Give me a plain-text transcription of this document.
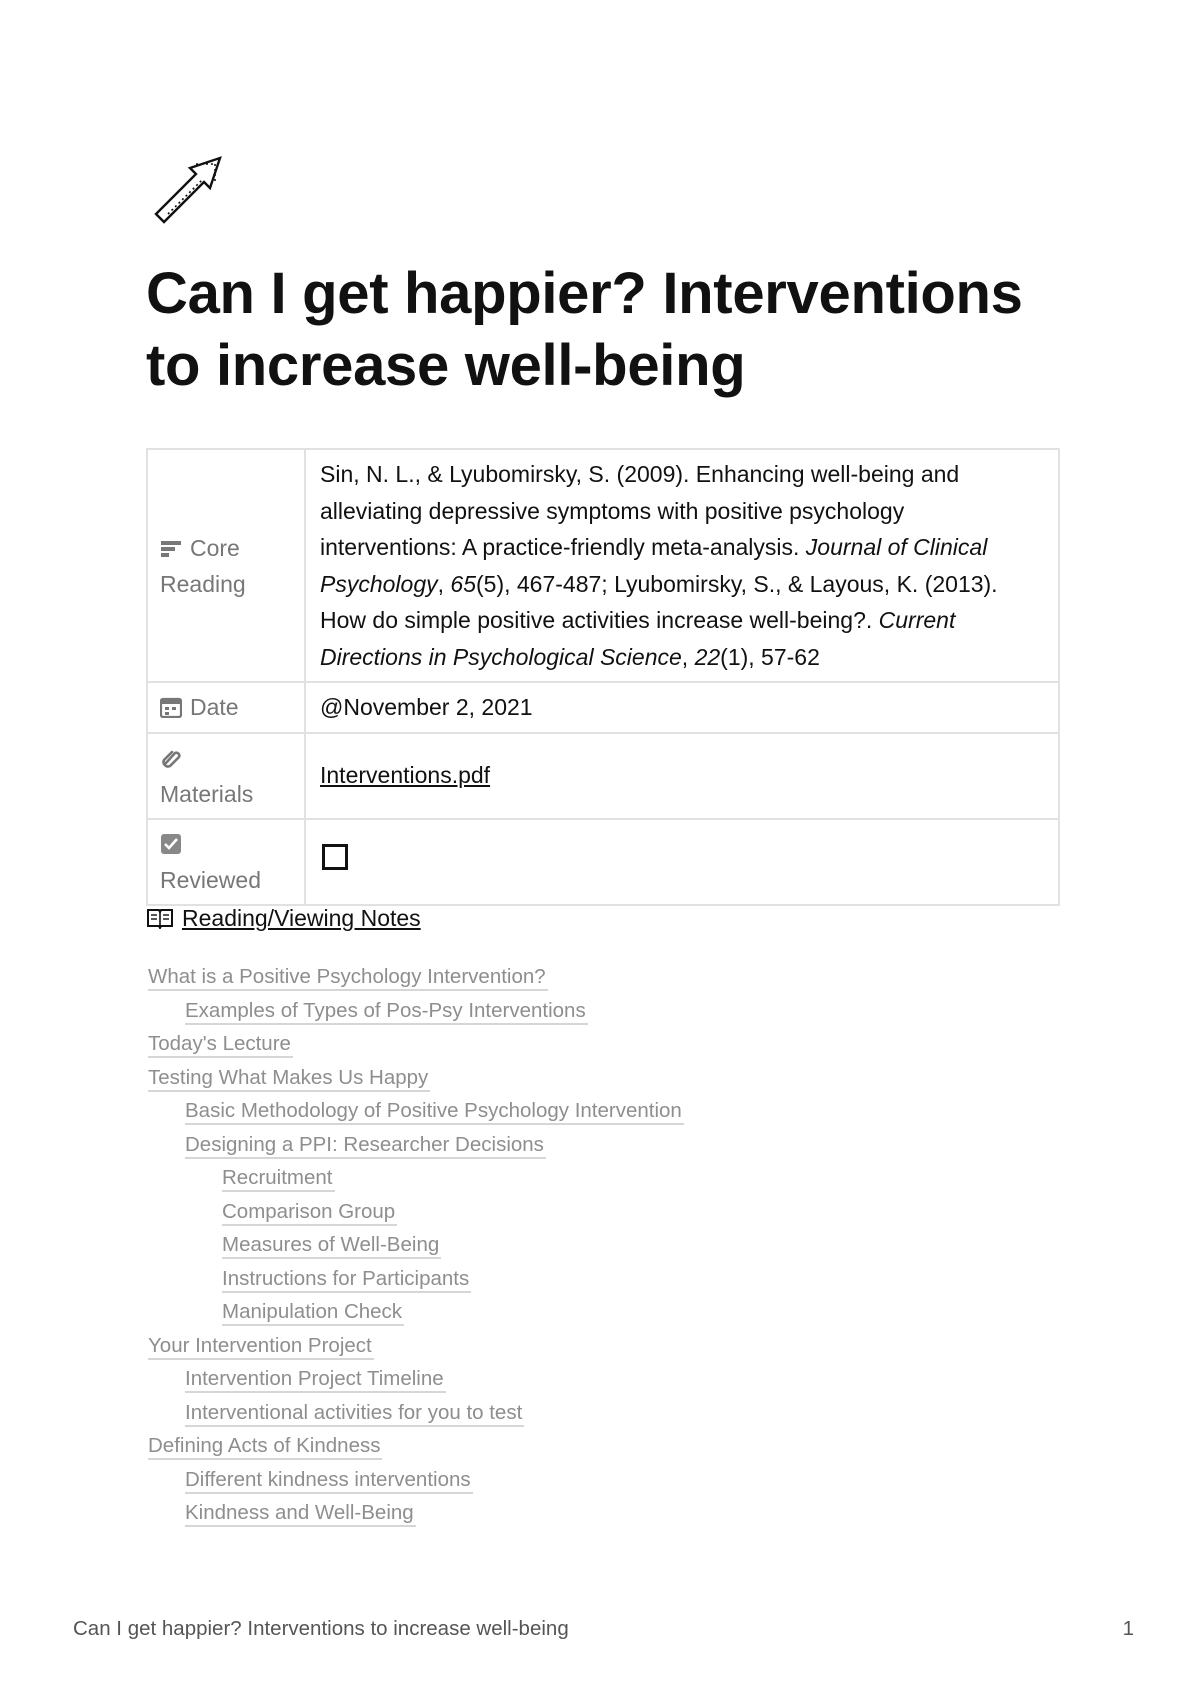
Can I get happier? Interventions to increase well-being
Core Reading	Sin, N. L., & Lyubomirsky, S. (2009). Enhancing well-being and alleviating depressive symptoms with positive psychology interventions: A practice-friendly meta-analysis. Journal of Clinical Psychology, 65(5), 467-487; Lyubomirsky, S., & Layous, K. (2013). How do simple positive activities increase well-being?. Current Directions in Psychological Science, 22(1), 57-62
Date	@November 2, 2021

Materials	Interventions.pdf

Reviewed	
Reading/Viewing Notes
What is a Positive Psychology Intervention?
Examples of Types of Pos-Psy Interventions
Today's Lecture
Testing What Makes Us Happy
Basic Methodology of Positive Psychology Intervention
Designing a PPI: Researcher Decisions
Recruitment
Comparison Group
Measures of Well-Being
Instructions for Participants
Manipulation Check
Your Intervention Project
Intervention Project Timeline
Interventional activities for you to test
Defining Acts of Kindness
Different kindness interventions
Kindness and Well-Being
Can I get happier? Interventions to increase well-being	1
